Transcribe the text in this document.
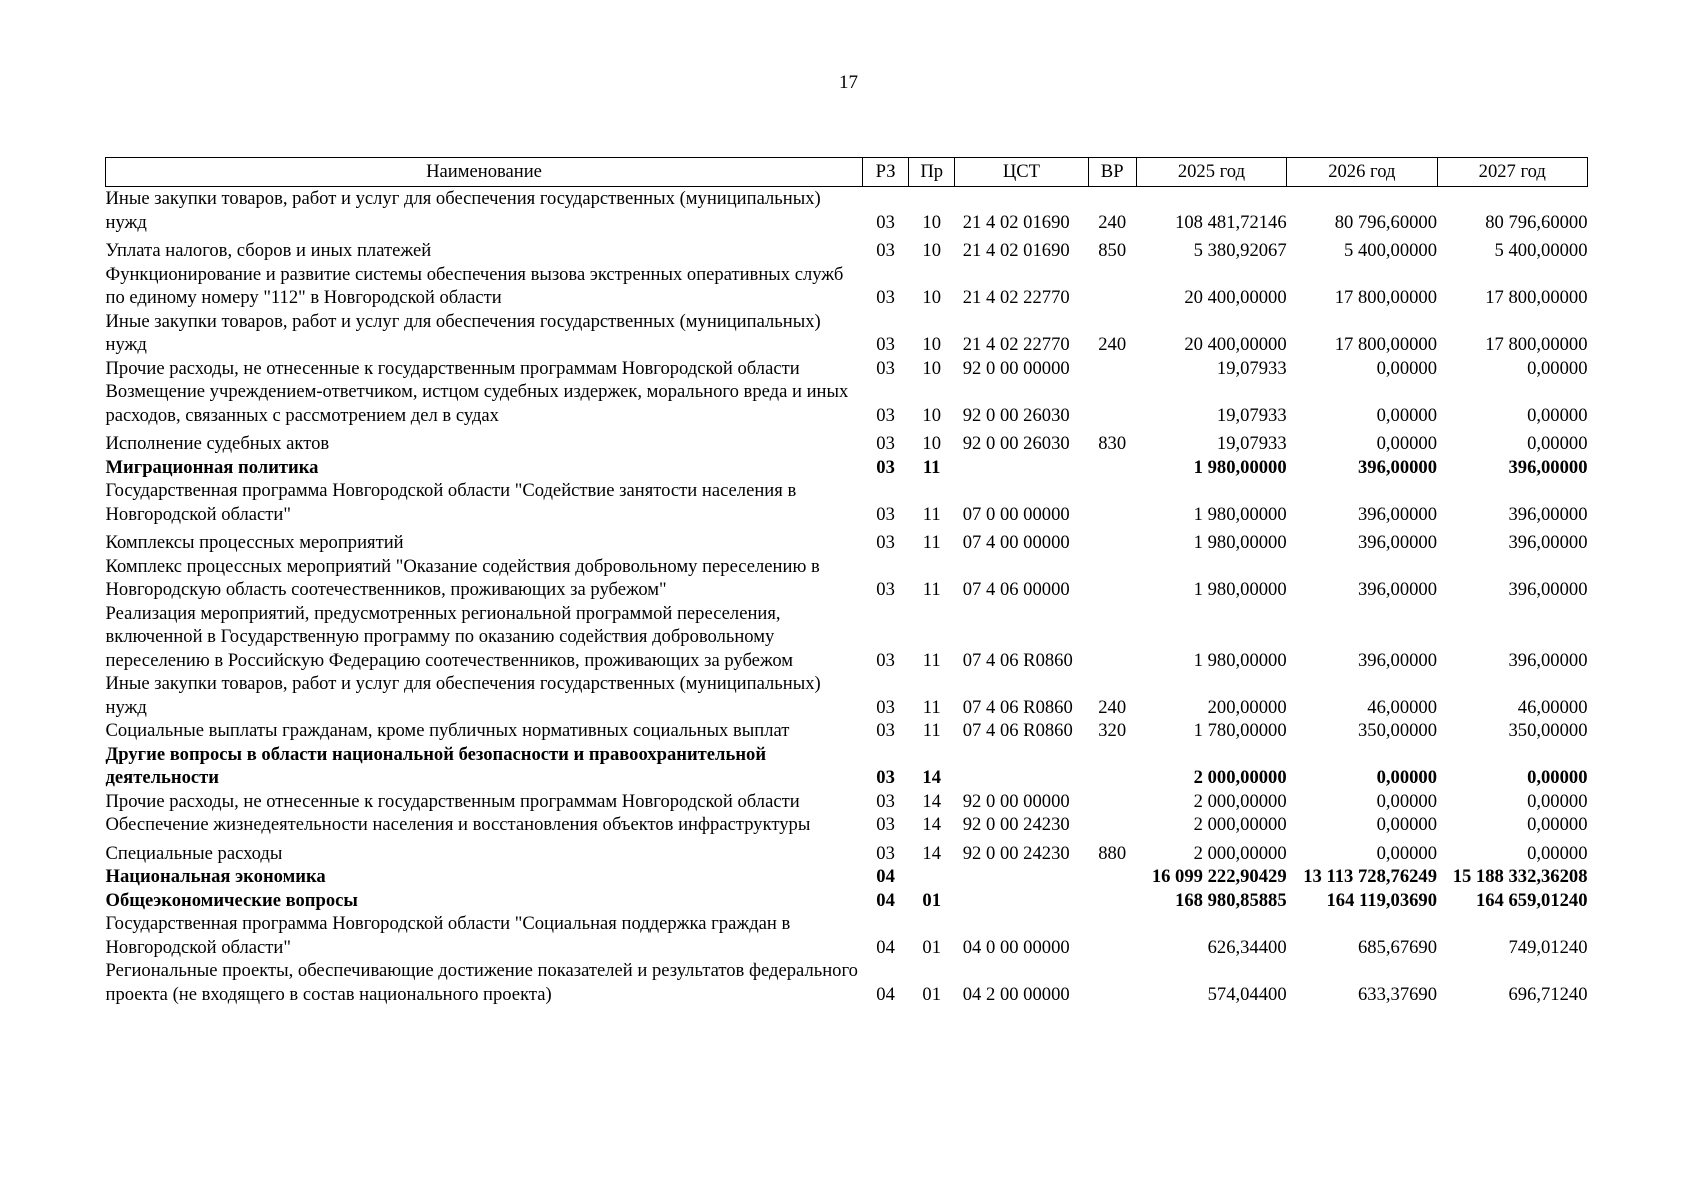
17
Наименование	РЗ	Пр	ЦСТ	ВР	2025 год	2026 год	2027 год
Иные закупки товаров, работ и услуг для обеспечения государственных (муниципальных) нужд	03	10	21 4 02 01690	240	108 481,72146	80 796,60000	80 796,60000
Уплата налогов, сборов и иных платежей	03	10	21 4 02 01690	850	5 380,92067	5 400,00000	5 400,00000
Функционирование и развитие системы обеспечения вызова экстренных оперативных служб по единому номеру "112" в Новгородской области	03	10	21 4 02 22770		20 400,00000	17 800,00000	17 800,00000
Иные закупки товаров, работ и услуг для обеспечения государственных (муниципальных) нужд	03	10	21 4 02 22770	240	20 400,00000	17 800,00000	17 800,00000
Прочие расходы, не отнесенные к государственным программам Новгородской области	03	10	92 0 00 00000		19,07933	0,00000	0,00000
Возмещение учреждением-ответчиком, истцом судебных издержек, морального вреда и иных расходов, связанных с рассмотрением дел в судах	03	10	92 0 00 26030		19,07933	0,00000	0,00000
Исполнение судебных актов	03	10	92 0 00 26030	830	19,07933	0,00000	0,00000
Миграционная политика	03	11			1 980,00000	396,00000	396,00000
Государственная программа Новгородской области "Содействие занятости населения в Новгородской области"	03	11	07 0 00 00000		1 980,00000	396,00000	396,00000
Комплексы процессных мероприятий	03	11	07 4 00 00000		1 980,00000	396,00000	396,00000
Комплекс процессных мероприятий "Оказание содействия добровольному переселению в Новгородскую область соотечественников, проживающих за рубежом"	03	11	07 4 06 00000		1 980,00000	396,00000	396,00000
Реализация мероприятий, предусмотренных региональной программой переселения, включенной в Государственную программу по оказанию содействия добровольному переселению в Российскую Федерацию соотечественников, проживающих за рубежом	03	11	07 4 06 R0860		1 980,00000	396,00000	396,00000
Иные закупки товаров, работ и услуг для обеспечения государственных (муниципальных) нужд	03	11	07 4 06 R0860	240	200,00000	46,00000	46,00000
Социальные выплаты гражданам, кроме публичных нормативных социальных выплат	03	11	07 4 06 R0860	320	1 780,00000	350,00000	350,00000
Другие вопросы в области национальной безопасности и правоохранительной деятельности	03	14			2 000,00000	0,00000	0,00000
Прочие расходы, не отнесенные к государственным программам Новгородской области	03	14	92 0 00 00000		2 000,00000	0,00000	0,00000
Обеспечение жизнедеятельности населения и восстановления объектов инфраструктуры	03	14	92 0 00 24230		2 000,00000	0,00000	0,00000
Специальные расходы	03	14	92 0 00 24230	880	2 000,00000	0,00000	0,00000
Национальная экономика	04				16 099 222,90429	13 113 728,76249	15 188 332,36208
Общеэкономические вопросы	04	01			168 980,85885	164 119,03690	164 659,01240
Государственная программа Новгородской области "Социальная поддержка граждан в Новгородской области"	04	01	04 0 00 00000		626,34400	685,67690	749,01240
Региональные проекты, обеспечивающие достижение показателей и результатов федерального проекта (не входящего в состав национального проекта)	04	01	04 2 00 00000		574,04400	633,37690	696,71240
